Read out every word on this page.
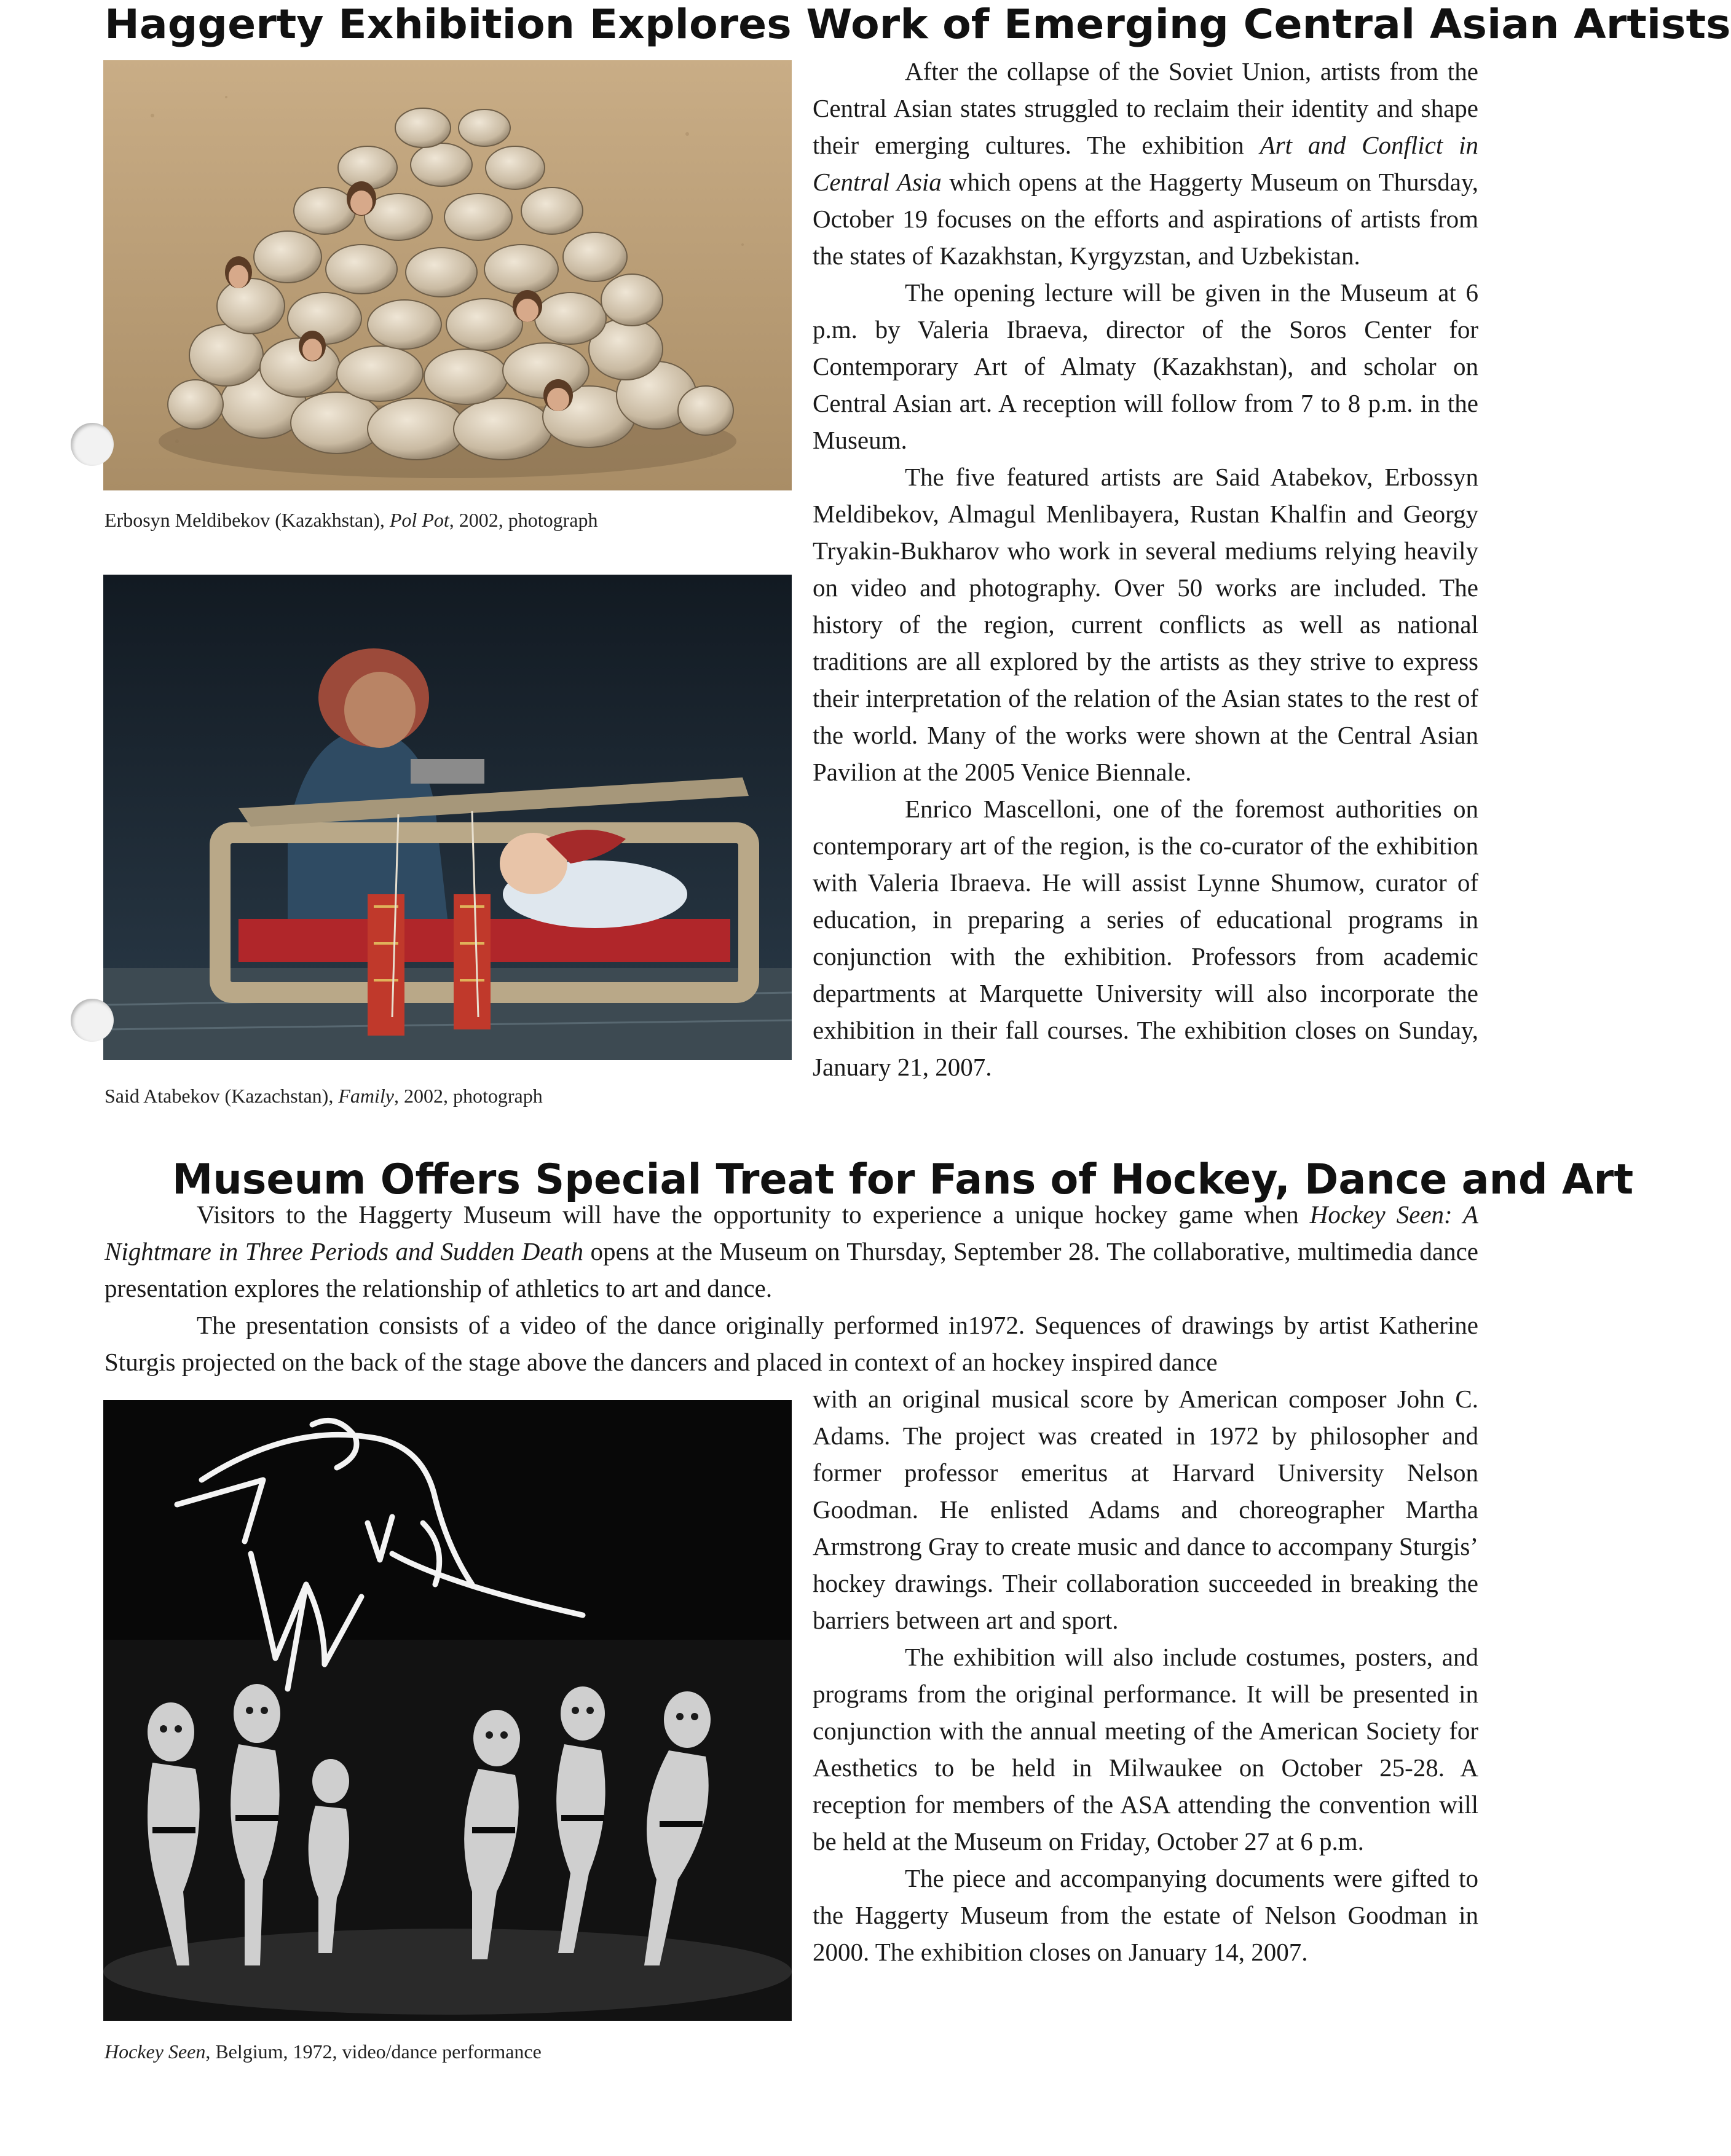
Haggerty Exhibition Explores Work of Emerging Central Asian Artists
Erbosyn Meldibekov (Kazakhstan), Pol Pot, 2002, photograph
Said Atabekov (Kazachstan), Family, 2002, photograph

After the collapse of the Soviet Union, artists from the Central Asian states struggled to reclaim their identity and shape their emerging cultures. The exhibition Art and Conflict in Central Asia which opens at the Haggerty Museum on Thursday, October 19 focuses on the efforts and aspirations of artists from the states of Kazakhstan, Kyrgyzstan, and Uzbekistan.

The opening lecture will be given in the Museum at 6 p.m. by Valeria Ibraeva, director of the Soros Center for Contemporary Art of Almaty (Kazakhstan), and scholar on Central Asian art. A reception will follow from 7 to 8 p.m. in the Museum.

The five featured artists are Said Atabekov, Erbossyn Meldibekov, Almagul Menlibayera, Rustan Khalfin and Georgy Tryakin-Bukharov who work in several mediums relying heavily on video and photography. Over 50 works are included. The history of the region, current conflicts as well as national traditions are all explored by the artists as they strive to express their interpretation of the relation of the Asian states to the rest of the world. Many of the works were shown at the Central Asian Pavilion at the 2005 Venice Biennale.

Enrico Mascelloni, one of the foremost authorities on contemporary art of the region, is the co-curator of the exhibition with Valeria Ibraeva. He will assist Lynne Shumow, curator of education, in preparing a series of educational programs in conjunction with the exhibition. Professors from academic departments at Marquette University will also incorporate the exhibition in their fall courses. The exhibition closes on Sunday, January 21, 2007.

Museum Offers Special Treat for Fans of Hockey, Dance and Art

Visitors to the Haggerty Museum will have the opportunity to experience a unique hockey game when Hockey Seen: A Nightmare in Three Periods and Sudden Death opens at the Museum on Thursday, September 28. The collaborative, multimedia dance presentation explores the relationship of athletics to art and dance.

The presentation consists of a video of the dance originally performed in1972. Sequences of drawings by artist Katherine Sturgis projected on the back of the stage above the dancers and placed in context of an hockey inspired dance

Hockey Seen, Belgium, 1972, video/dance performance

with an original musical score by American composer John C. Adams. The project was created in 1972 by philosopher and former professor emeritus at Harvard University Nelson Goodman. He enlisted Adams and choreographer Martha Armstrong Gray to create music and dance to accompany Sturgis’ hockey drawings. Their collaboration succeeded in breaking the barriers between art and sport.

The exhibition will also include costumes, posters, and programs from the original performance. It will be presented in conjunction with the annual meeting of the American Society for Aesthetics to be held in Milwaukee on October 25-28. A reception for members of the ASA attending the convention will be held at the Museum on Friday, October 27 at 6 p.m.

The piece and accompanying documents were gifted to the Haggerty Museum from the estate of Nelson Goodman in 2000. The exhibition closes on January 14, 2007.
